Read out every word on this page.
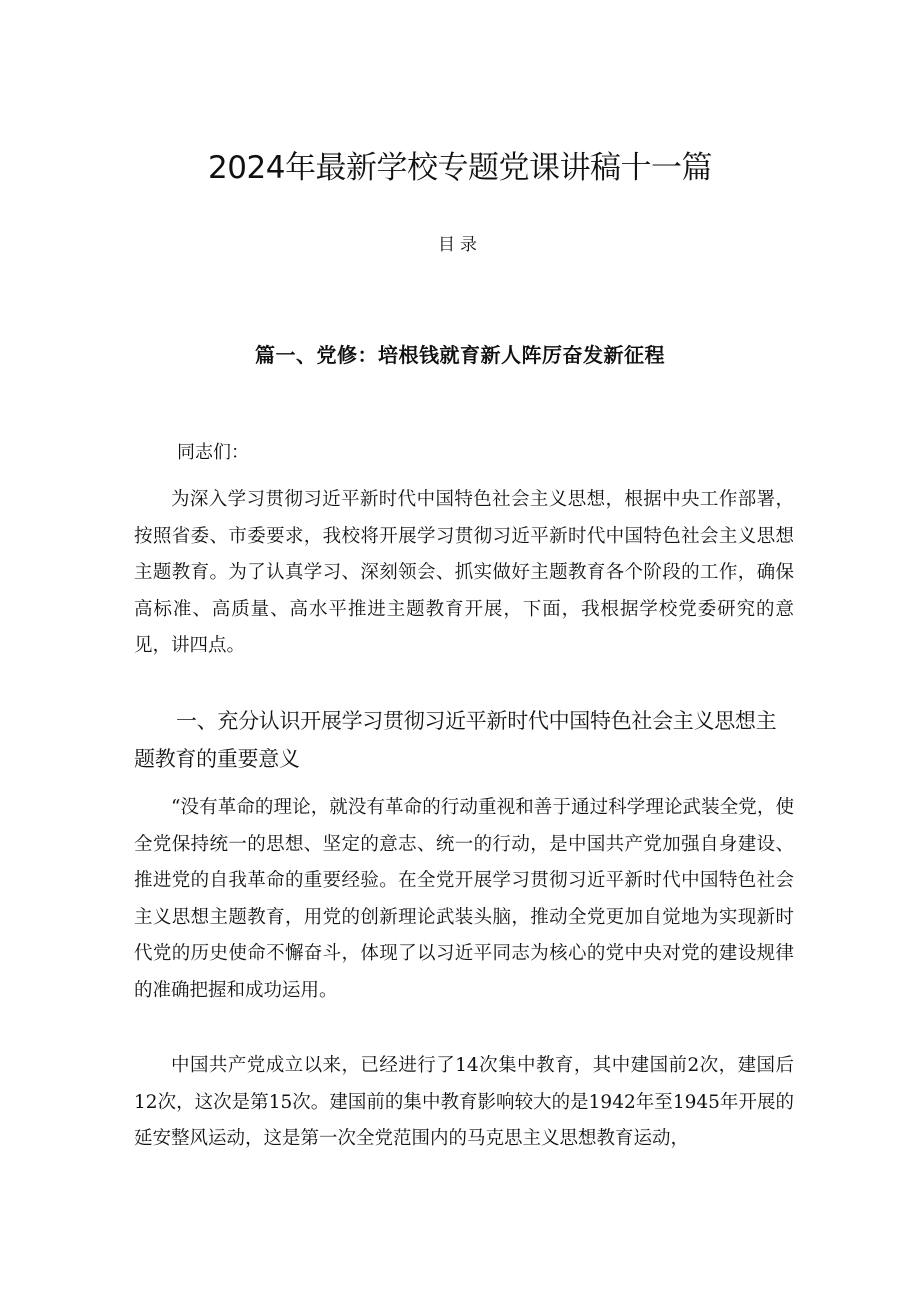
2024年最新学校专题党课讲稿十一篇
目录
篇一、党修：培根钱就育新人阵厉奋发新征程
同志们：

为深入学习贯彻习近平新时代中国特色社会主义思想，根据中央工作部署，按照省委、市委要求，我校将开展学习贯彻习近平新时代中国特色社会主义思想主题教育。为了认真学习、深刻领会、抓实做好主题教育各个阶段的工作，确保高标准、高质量、高水平推进主题教育开展，下面，我根据学校党委研究的意见，讲四点。

一、充分认识开展学习贯彻习近平新时代中国特色社会主义思想主题教育的重要意义

“没有革命的理论，就没有革命的行动重视和善于通过科学理论武装全党，使全党保持统一的思想、坚定的意志、统一的行动，是中国共产党加强自身建设、推进党的自我革命的重要经验。在全党开展学习贯彻习近平新时代中国特色社会主义思想主题教育，用党的创新理论武装头脑，推动全党更加自觉地为实现新时代党的历史使命不懈奋斗，体现了以习近平同志为核心的党中央对党的建设规律的准确把握和成功运用。

中国共产党成立以来，已经进行了14次集中教育，其中建国前2次，建国后12次，这次是第15次。建国前的集中教育影响较大的是1942年至1945年开展的延安整风运动，这是第一次全党范围内的马克思主义思想教育运动，
